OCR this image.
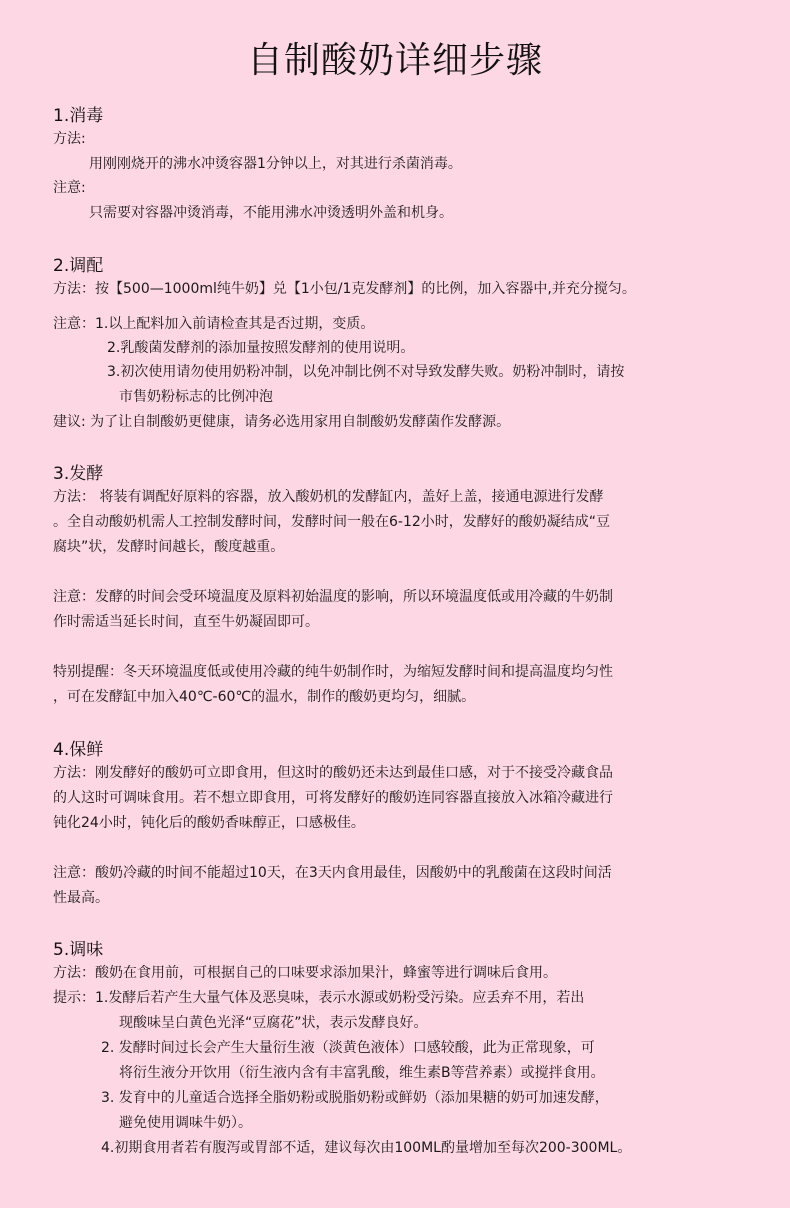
自制酸奶详细步骤
1.消毒
方法:
用刚刚烧开的沸水冲烫容器1分钟以上，对其进行杀菌消毒。
注意:
只需要对容器冲烫消毒，不能用沸水冲烫透明外盖和机身。
2.调配
方法：按【500—1000ml纯牛奶】兑【1小包/1克发酵剂】的比例，加入容器中,并充分搅匀。
注意：1.以上配料加入前请检查其是否过期，变质。
2.乳酸菌发酵剂的添加量按照发酵剂的使用说明。
3.初次使用请勿使用奶粉冲制，以免冲制比例不对导致发酵失败。奶粉冲制时，请按
市售奶粉标志的比例冲泡
建议: 为了让自制酸奶更健康，请务必选用家用自制酸奶发酵菌作发酵源。
3.发酵
方法： 将装有调配好原料的容器，放入酸奶机的发酵缸内，盖好上盖，接通电源进行发酵
。全自动酸奶机需人工控制发酵时间，发酵时间一般在6-12小时，发酵好的酸奶凝结成“豆
腐块”状，发酵时间越长，酸度越重。
注意：发酵的时间会受环境温度及原料初始温度的影响，所以环境温度低或用冷藏的牛奶制
作时需适当延长时间，直至牛奶凝固即可。
特别提醒：冬天环境温度低或使用冷藏的纯牛奶制作时，为缩短发酵时间和提高温度均匀性
，可在发酵缸中加入40℃-60℃的温水，制作的酸奶更均匀，细腻。
4.保鲜
方法：刚发酵好的酸奶可立即食用，但这时的酸奶还未达到最佳口感，对于不接受冷藏食品
的人这时可调味食用。若不想立即食用，可将发酵好的酸奶连同容器直接放入冰箱冷藏进行
钝化24小时，钝化后的酸奶香味醇正，口感极佳。
注意：酸奶冷藏的时间不能超过10天，在3天内食用最佳，因酸奶中的乳酸菌在这段时间活
性最高。
5.调味
方法：酸奶在食用前，可根据自己的口味要求添加果汁，蜂蜜等进行调味后食用。
提示：1.发酵后若产生大量气体及恶臭味，表示水源或奶粉受污染。应丢弃不用，若出
现酸味呈白黄色光泽“豆腐花”状，表示发酵良好。
2. 发酵时间过长会产生大量衍生液（淡黄色液体）口感较酸，此为正常现象，可
将衍生液分开饮用（衍生液内含有丰富乳酸，维生素B等营养素）或搅拌食用。
3. 发育中的儿童适合选择全脂奶粉或脱脂奶粉或鲜奶（添加果糖的奶可加速发酵，
避免使用调味牛奶）。
4.初期食用者若有腹泻或胃部不适，建议每次由100ML酌量增加至每次200-300ML。
